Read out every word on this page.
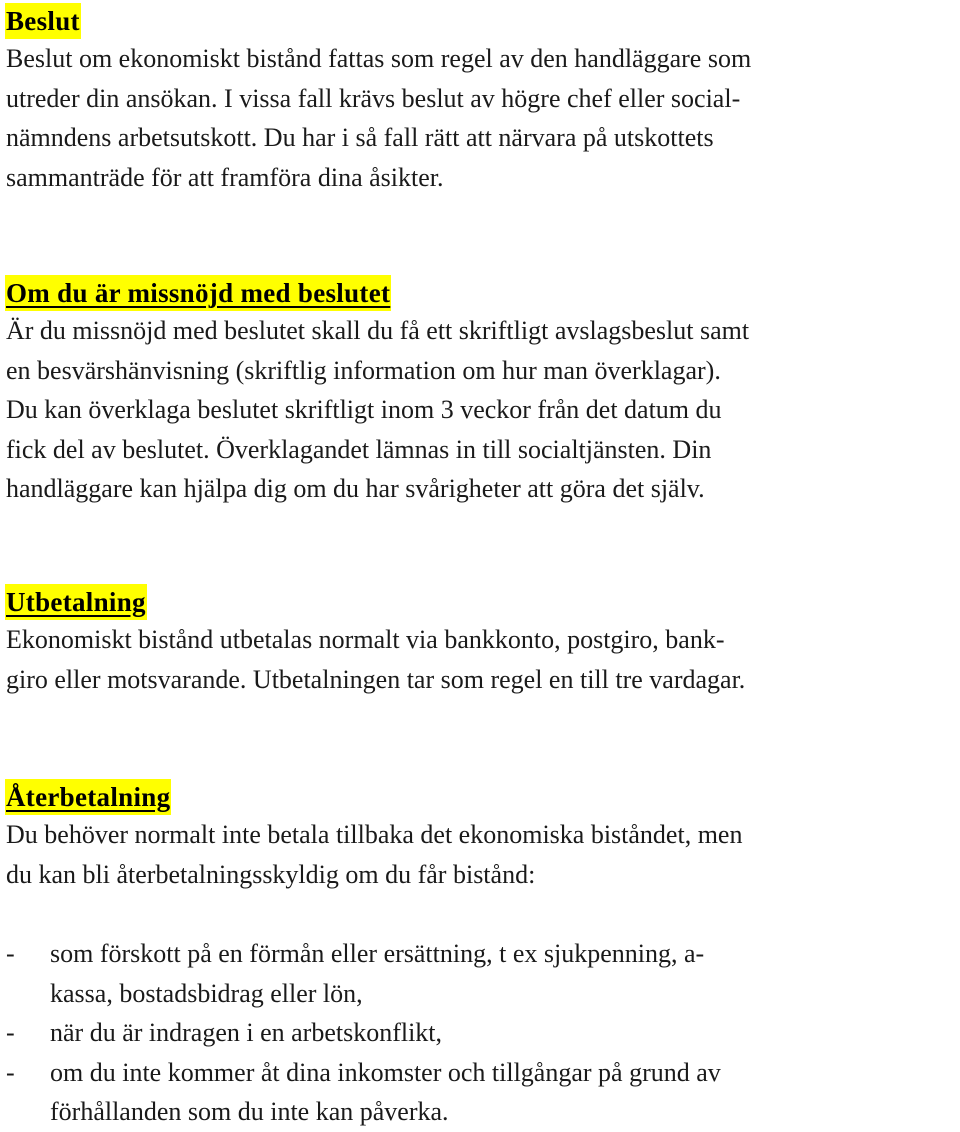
Beslut

Beslut om ekonomiskt bistånd fattas som regel av den handläggare som
utreder din ansökan. I vissa fall krävs beslut av högre chef eller social-
nämndens arbetsutskott. Du har i så fall rätt att närvara på utskottets
sammanträde för att framföra dina åsikter.

Om du är missnöjd med beslutet

Är du missnöjd med beslutet skall du få ett skriftligt avslagsbeslut samt
en besvärshänvisning (skriftlig information om hur man överklagar).
Du kan överklaga beslutet skriftligt inom 3 veckor från det datum du
fick del av beslutet. Överklagandet lämnas in till socialtjänsten. Din
handläggare kan hjälpa dig om du har svårigheter att göra det själv.

Utbetalning

Ekonomiskt bistånd utbetalas normalt via bankkonto, postgiro, bank-
giro eller motsvarande. Utbetalningen tar som regel en till tre vardagar.

Återbetalning

Du behöver normalt inte betala tillbaka det ekonomiska biståndet, men
du kan bli återbetalningsskyldig om du får bistånd:

- som förskott på en förmån eller ersättning, t ex sjukpenning, a-
kassa, bostadsbidrag eller lön,
- när du är indragen i en arbetskonflikt,
- om du inte kommer åt dina inkomster och tillgångar på grund av
förhållanden som du inte kan påverka.
